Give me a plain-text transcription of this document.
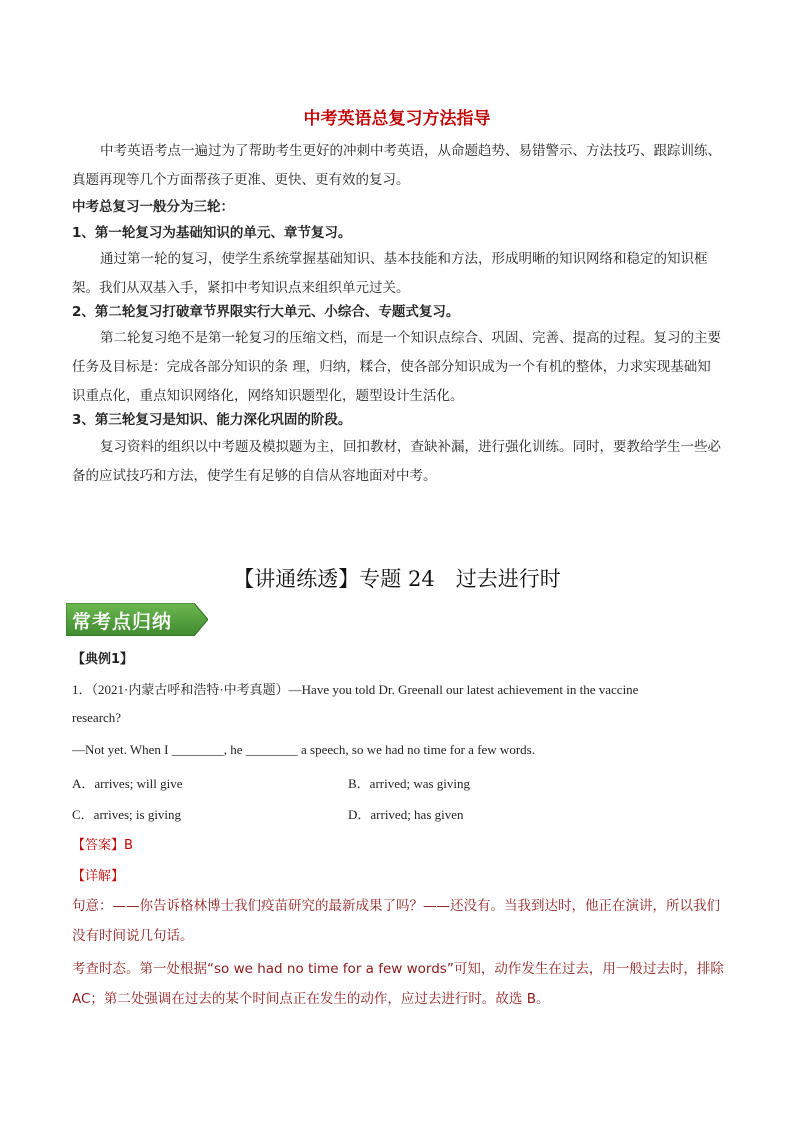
中考英语总复习方法指导
中考英语考点一遍过为了帮助考生更好的冲刺中考英语，从命题趋势、易错警示、方法技巧、跟踪训练、真题再现等几个方面帮孩子更准、更快、更有效的复习。
中考总复习一般分为三轮：
1、第一轮复习为基础知识的单元、章节复习。
通过第一轮的复习，使学生系统掌握基础知识、基本技能和方法，形成明晰的知识网络和稳定的知识框架。我们从双基入手，紧扣中考知识点来组织单元过关。
2、第二轮复习打破章节界限实行大单元、小综合、专题式复习。
第二轮复习绝不是第一轮复习的压缩文档，而是一个知识点综合、巩固、完善、提高的过程。复习的主要任务及目标是：完成各部分知识的条 理，归纳，糅合，使各部分知识成为一个有机的整体，力求实现基础知识重点化，重点知识网络化，网络知识题型化，题型设计生活化。
3、第三轮复习是知识、能力深化巩固的阶段。
复习资料的组织以中考题及模拟题为主，回扣教材，查缺补漏，进行强化训练。同时，要教给学生一些必备的应试技巧和方法，使学生有足够的自信从容地面对中考。
【讲通练透】专题 24　过去进行时
常考点归纳
【典例1】
1．（2021·内蒙古呼和浩特·中考真题）—Have you told Dr. Greenall our latest achievement in the vaccine
research?
—Not yet. When I ________, he ________ a speech, so we had no time for a few words.
A．arrives; will give	B．arrived; was giving
C．arrives; is giving	D．arrived; has given
【答案】B
【详解】
句意：——你告诉格林博士我们疫苗研究的最新成果了吗？——还没有。当我到达时，他正在演讲，所以我们没有时间说几句话。
考查时态。第一处根据“so we had no time for a few words”可知，动作发生在过去，用一般过去时，排除AC；第二处强调在过去的某个时间点正在发生的动作，应过去进行时。故选 B。
